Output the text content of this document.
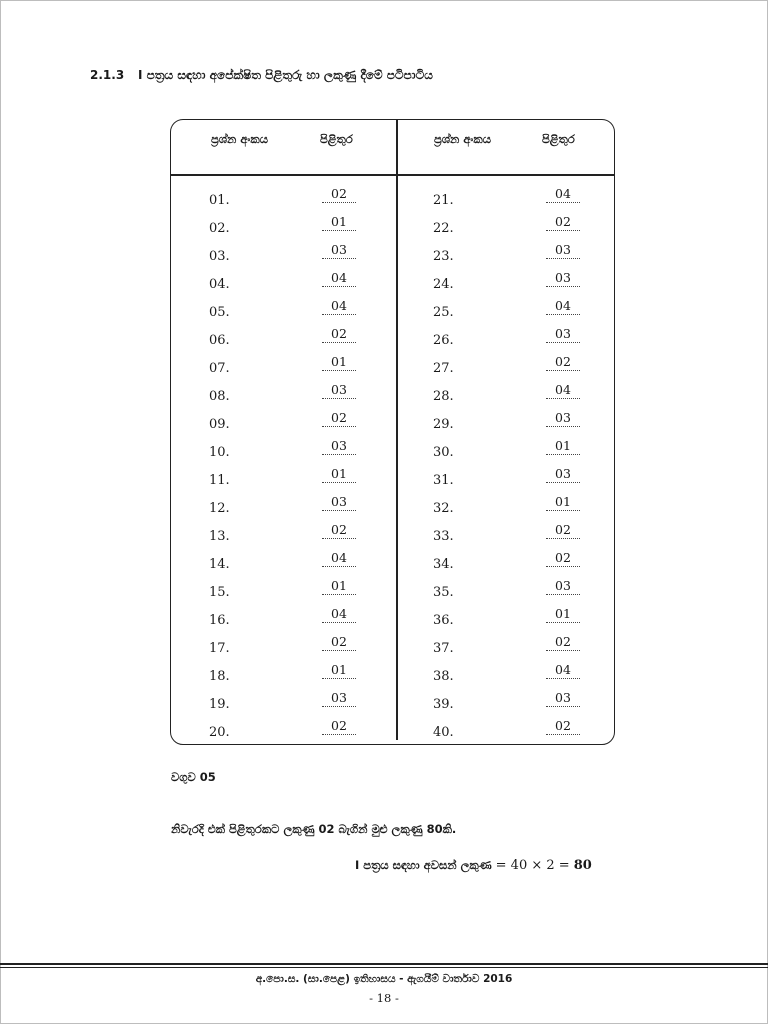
2.1.3 I පත්‍රය සඳහා අපේක්ෂිත පිළිතුරු හා ලකුණු දීමේ පටිපාටිය
ප්‍රශ්න අංකය	පිළිතුර	ප්‍රශ්න අංකය	පිළිතුර
01.	02	21.	04
02.	01	22.	02
03.	03	23.	03
04.	04	24.	03
05.	04	25.	04
06.	02	26.	03
07.	01	27.	02
08.	03	28.	04
09.	02	29.	03
10.	03	30.	01
11.	01	31.	03
12.	03	32.	01
13.	02	33.	02
14.	04	34.	02
15.	01	35.	03
16.	04	36.	01
17.	02	37.	02
18.	01	38.	04
19.	03	39.	03
20.	02	40.	02
වගුව 05
නිවැරදි එක් පිළිතුරකට ලකුණු 02 බැගින් මුළු ලකුණු 80කි.
I පත්‍රය සඳහා අවසන් ලකුණ = 40 × 2 = 80
අ.පො.ස. (සා.පෙළ) ඉතිහාසය - ඇගයීම් වාර්තාව 2016
- 18 -
